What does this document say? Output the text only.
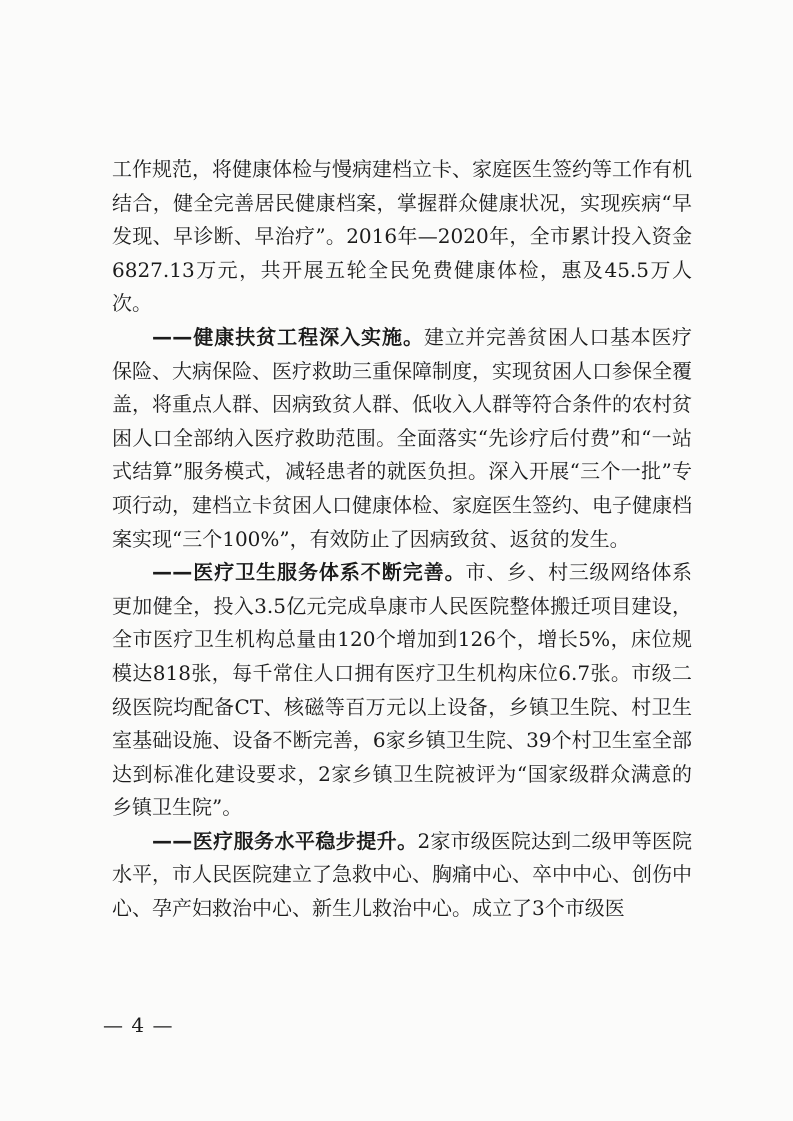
工作规范，将健康体检与慢病建档立卡、家庭医生签约等工作有机结合，健全完善居民健康档案，掌握群众健康状况，实现疾病“早发现、早诊断、早治疗”。2016年—2020年，全市累计投入资金6827.13万元，共开展五轮全民免费健康体检，惠及45.5万人次。

——健康扶贫工程深入实施。建立并完善贫困人口基本医疗保险、大病保险、医疗救助三重保障制度，实现贫困人口参保全覆盖，将重点人群、因病致贫人群、低收入人群等符合条件的农村贫困人口全部纳入医疗救助范围。全面落实“先诊疗后付费”和“一站式结算”服务模式，减轻患者的就医负担。深入开展“三个一批”专项行动，建档立卡贫困人口健康体检、家庭医生签约、电子健康档案实现“三个100%”，有效防止了因病致贫、返贫的发生。

——医疗卫生服务体系不断完善。市、乡、村三级网络体系更加健全，投入3.5亿元完成阜康市人民医院整体搬迁项目建设，全市医疗卫生机构总量由120个增加到126个，增长5%，床位规模达818张，每千常住人口拥有医疗卫生机构床位6.7张。市级二级医院均配备CT、核磁等百万元以上设备，乡镇卫生院、村卫生室基础设施、设备不断完善，6家乡镇卫生院、39个村卫生室全部达到标准化建设要求，2家乡镇卫生院被评为“国家级群众满意的乡镇卫生院”。

——医疗服务水平稳步提升。2家市级医院达到二级甲等医院水平，市人民医院建立了急救中心、胸痛中心、卒中中心、创伤中心、孕产妇救治中心、新生儿救治中心。成立了3个市级医

— 4 —
